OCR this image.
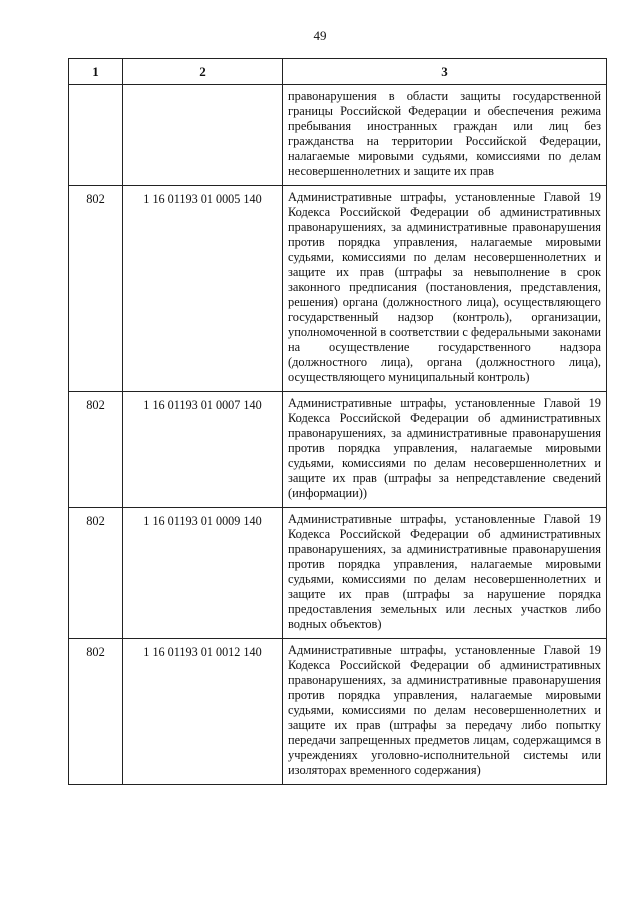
49
1	2	3
		правонарушения в области защиты государственной границы Российской Федерации и обеспечения режима пребывания иностранных граждан или лиц без гражданства на территории Российской Федерации, налагаемые мировыми судьями, комиссиями по делам несовершеннолетних и защите их прав
802	1 16 01193 01 0005 140	Административные штрафы, установленные Главой 19 Кодекса Российской Федерации об административных правонарушениях, за административные правонарушения против порядка управления, налагаемые мировыми судьями, комиссиями по делам несовершеннолетних и защите их прав (штрафы за невыполнение в срок законного предписания (постановления, представления, решения) органа (должностного лица), осуществляющего государственный надзор (контроль), организации, уполномоченной в соответствии с федеральными законами на осуществление государственного надзора (должностного лица), органа (должностного лица), осуществляющего муниципальный контроль)
802	1 16 01193 01 0007 140	Административные штрафы, установленные Главой 19 Кодекса Российской Федерации об административных правонарушениях, за административные правонарушения против порядка управления, налагаемые мировыми судьями, комиссиями по делам несовершеннолетних и защите их прав (штрафы за непредставление сведений (информации))
802	1 16 01193 01 0009 140	Административные штрафы, установленные Главой 19 Кодекса Российской Федерации об административных правонарушениях, за административные правонарушения против порядка управления, налагаемые мировыми судьями, комиссиями по делам несовершеннолетних и защите их прав (штрафы за нарушение порядка предоставления земельных или лесных участков либо водных объектов)
802	1 16 01193 01 0012 140	Административные штрафы, установленные Главой 19 Кодекса Российской Федерации об административных правонарушениях, за административные правонарушения против порядка управления, налагаемые мировыми судьями, комиссиями по делам несовершеннолетних и защите их прав (штрафы за передачу либо попытку передачи запрещенных предметов лицам, содержащимся в учреждениях уголовно-исполнительной системы или изоляторах временного содержания)
